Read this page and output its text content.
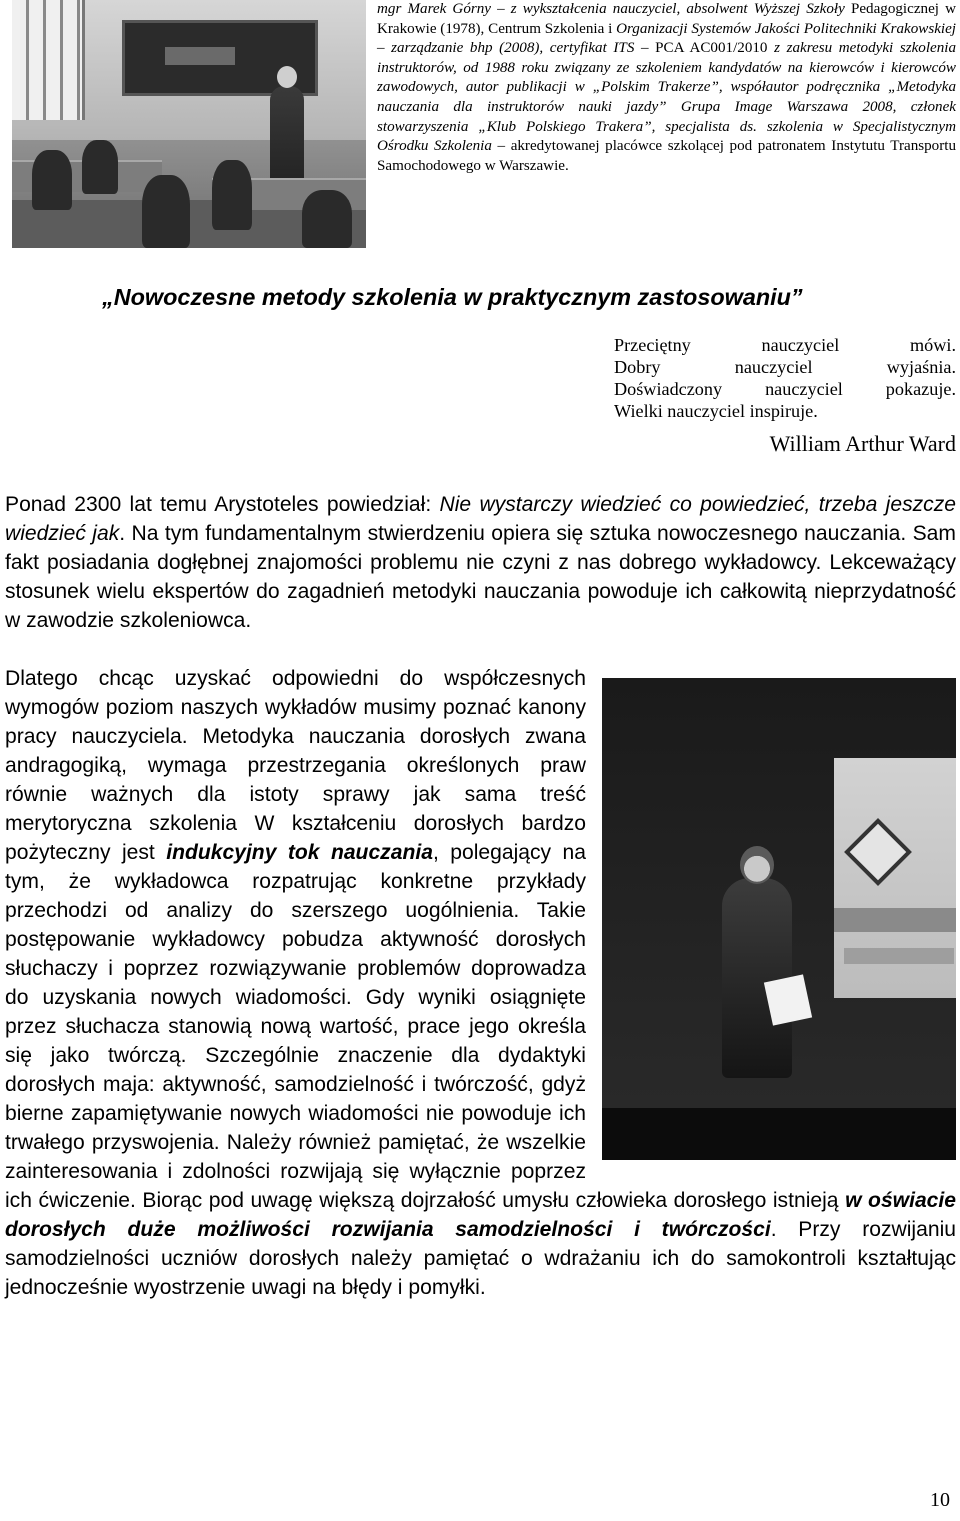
mgr Marek Górny – z wykształcenia nauczyciel, absolwent Wyższej Szkoły Pedagogicznej w Krakowie (1978), Centrum Szkolenia i Organizacji Systemów Jakości Politechniki Krakowskiej – zarządzanie bhp (2008), certyfikat ITS – PCA AC001/2010 z zakresu metodyki szkolenia instruktorów, od 1988 roku związany ze szkoleniem kandydatów na kierowców i kierowców zawodowych, autor publikacji w „Polskim Trakerze”, współautor podręcznika „Metodyka nauczania dla instruktorów nauki jazdy” Grupa Image Warszawa 2008, członek stowarzyszenia „Klub Polskiego Trakera”, specjalista ds. szkolenia w Specjalistycznym Ośrodku Szkolenia – akredytowanej placówce szkolącej pod patronatem Instytutu Transportu Samochodowego w Warszawie.

„Nowoczesne metody szkolenia w praktycznym zastosowaniu”
Przeciętny nauczyciel mówi.
Dobry nauczyciel wyjaśnia.
Doświadczony nauczyciel pokazuje.
Wielki nauczyciel inspiruje.
William Arthur Ward

Ponad 2300 lat temu Arystoteles powiedział: Nie wystarczy wiedzieć co powiedzieć, trzeba jeszcze wiedzieć jak. Na tym fundamentalnym stwierdzeniu opiera się sztuka nowoczesnego nauczania. Sam fakt posiadania dogłębnej znajomości problemu nie czyni z nas dobrego wykładowcy. Lekceważący stosunek wielu ekspertów do zagadnień metodyki nauczania powoduje ich całkowitą nieprzydatność w zawodzie szkoleniowca.

Dlatego chcąc uzyskać odpowiedni do współczesnych wymogów poziom naszych wykładów musimy poznać kanony pracy nauczyciela. Metodyka nauczania dorosłych zwana andragogiką, wymaga przestrzegania określonych praw równie ważnych dla istoty sprawy jak sama treść merytoryczna szkolenia W kształceniu dorosłych bardzo pożyteczny jest indukcyjny tok nauczania, polegający na tym, że wykładowca rozpatrując konkretne przykłady przechodzi od analizy do szerszego uogólnienia. Takie postępowanie wykładowcy pobudza aktywność dorosłych słuchaczy i poprzez rozwiązywanie problemów doprowadza do uzyskania nowych wiadomości. Gdy wyniki osiągnięte przez słuchacza stanowią nową wartość, prace jego określa się jako twórczą. Szczególnie znaczenie dla dydaktyki dorosłych maja: aktywność, samodzielność i twórczość, gdyż bierne zapamiętywanie nowych wiadomości nie powoduje ich trwałego przyswojenia. Należy również pamiętać, że wszelkie zainteresowania i zdolności rozwijają się wyłącznie poprzez ich ćwiczenie. Biorąc pod uwagę większą dojrzałość umysłu człowieka dorosłego istnieją w oświacie dorosłych duże możliwości rozwijania samodzielności i twórczości. Przy rozwijaniu samodzielności uczniów dorosłych należy pamiętać o wdrażaniu ich do samokontroli kształtując jednocześnie wyostrzenie uwagi na błędy i pomyłki.

10
